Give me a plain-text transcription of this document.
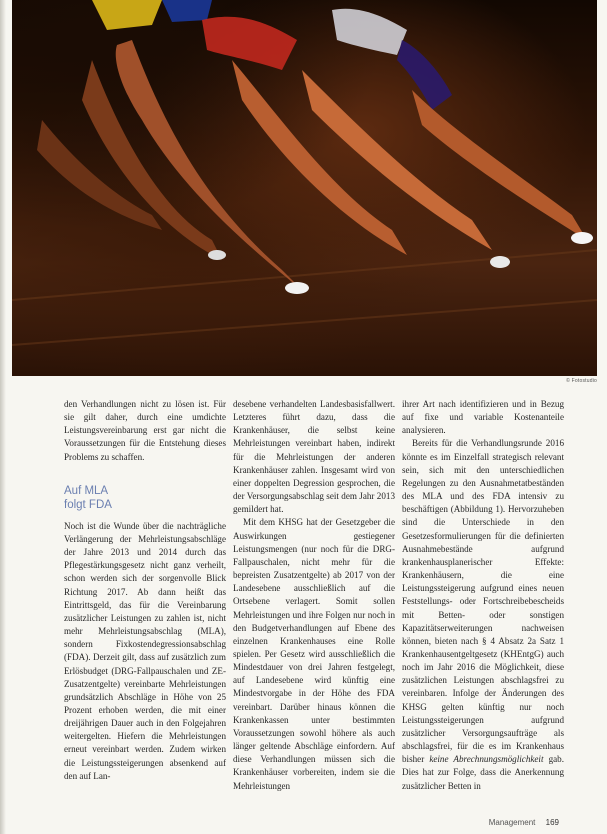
© Fotostudio

den Verhandlungen nicht zu lösen ist. Für sie gilt daher, durch eine umdichte Leistungsvereinbarung erst gar nicht die Voraussetzungen für die Entstehung dieses Problems zu schaffen.

Auf MLA
folgt FDA

Noch ist die Wunde über die nachträgliche Verlängerung der Mehrleistungsabschläge der Jahre 2013 und 2014 durch das Pflegestärkungsgesetz nicht ganz verheilt, schon werden sich der sorgenvolle Blick Richtung 2017. Ab dann heißt das Eintrittsgeld, das für die Vereinbarung zusätzlicher Leistungen zu zahlen ist, nicht mehr Mehrleistungsabschlag (MLA), sondern Fixkostendegressionsabschlag (FDA). Derzeit gilt, dass auf zusätzlich zum Erlösbudget (DRG-Fallpauschalen und ZE-Zusatzentgelte) vereinbarte Mehrleistungen grundsätzlich Abschläge in Höhe von 25 Prozent erhoben werden, die mit einer dreijährigen Dauer auch in den Folgejahren weitergelten. Hiefern die Mehrleistungen erneut vereinbart werden. Zudem wirken die Leistungssteigerungen absenkend auf den auf Lan-

desebene verhandelten Landesbasisfallwert. Letzteres führt dazu, dass die Krankenhäuser, die selbst keine Mehrleistungen vereinbart haben, indirekt für die Mehrleistungen der anderen Krankenhäuser zahlen. Insgesamt wird von einer doppelten Degression gesprochen, die der Versorgungsabschlag seit dem Jahr 2013 gemildert hat.

Mit dem KHSG hat der Gesetzgeber die Auswirkungen gestiegener Leistungsmengen (nur noch für die DRG-Fallpauschalen, nicht mehr für die bepreisten Zusatzentgelte) ab 2017 von der Landesebene ausschließlich auf die Ortsebene verlagert. Somit sollen Mehrleistungen und ihre Folgen nur noch in den Budgetverhandlungen auf Ebene des einzelnen Krankenhauses eine Rolle spielen. Per Gesetz wird ausschließlich die Mindestdauer von drei Jahren festgelegt, auf Landesebene wird künftig eine Mindestvorgabe in der Höhe des FDA vereinbart. Darüber hinaus können die Krankenkassen unter bestimmten Voraussetzungen sowohl höhere als auch länger geltende Abschläge einfordern. Auf diese Verhandlungen müssen sich die Krankenhäuser vorbereiten, indem sie die Mehrleistungen

ihrer Art nach identifizieren und in Bezug auf fixe und variable Kostenanteile analysieren.

Bereits für die Verhandlungsrunde 2016 könnte es im Einzelfall strategisch relevant sein, sich mit den unterschiedlichen Regelungen zu den Ausnahmetatbeständen des MLA und des FDA intensiv zu beschäftigen (Abbildung 1). Hervorzuheben sind die Unterschiede in den Gesetzesformulierungen für die definierten Ausnahmebestände aufgrund krankenhausplanerischer Effekte: Krankenhäusern, die eine Leistungssteigerung aufgrund eines neuen Feststellungs- oder Fortschreibebescheids mit Betten- oder sonstigen Kapazitätserweiterungen nachweisen können, bieten nach § 4 Absatz 2a Satz 1 Krankenhausentgeltgesetz (KHEntgG) auch noch im Jahr 2016 die Möglichkeit, diese zusätzlichen Leistungen abschlagsfrei zu vereinbaren. Infolge der Änderungen des KHSG gelten künftig nur noch Leistungssteigerungen aufgrund zusätzlicher Versorgungsaufträge als abschlagsfrei, für die es im Krankenhaus bisher keine Abrechnungsmöglichkeit gab. Dies hat zur Folge, dass die Anerkennung zusätzlicher Betten in

Management 169
